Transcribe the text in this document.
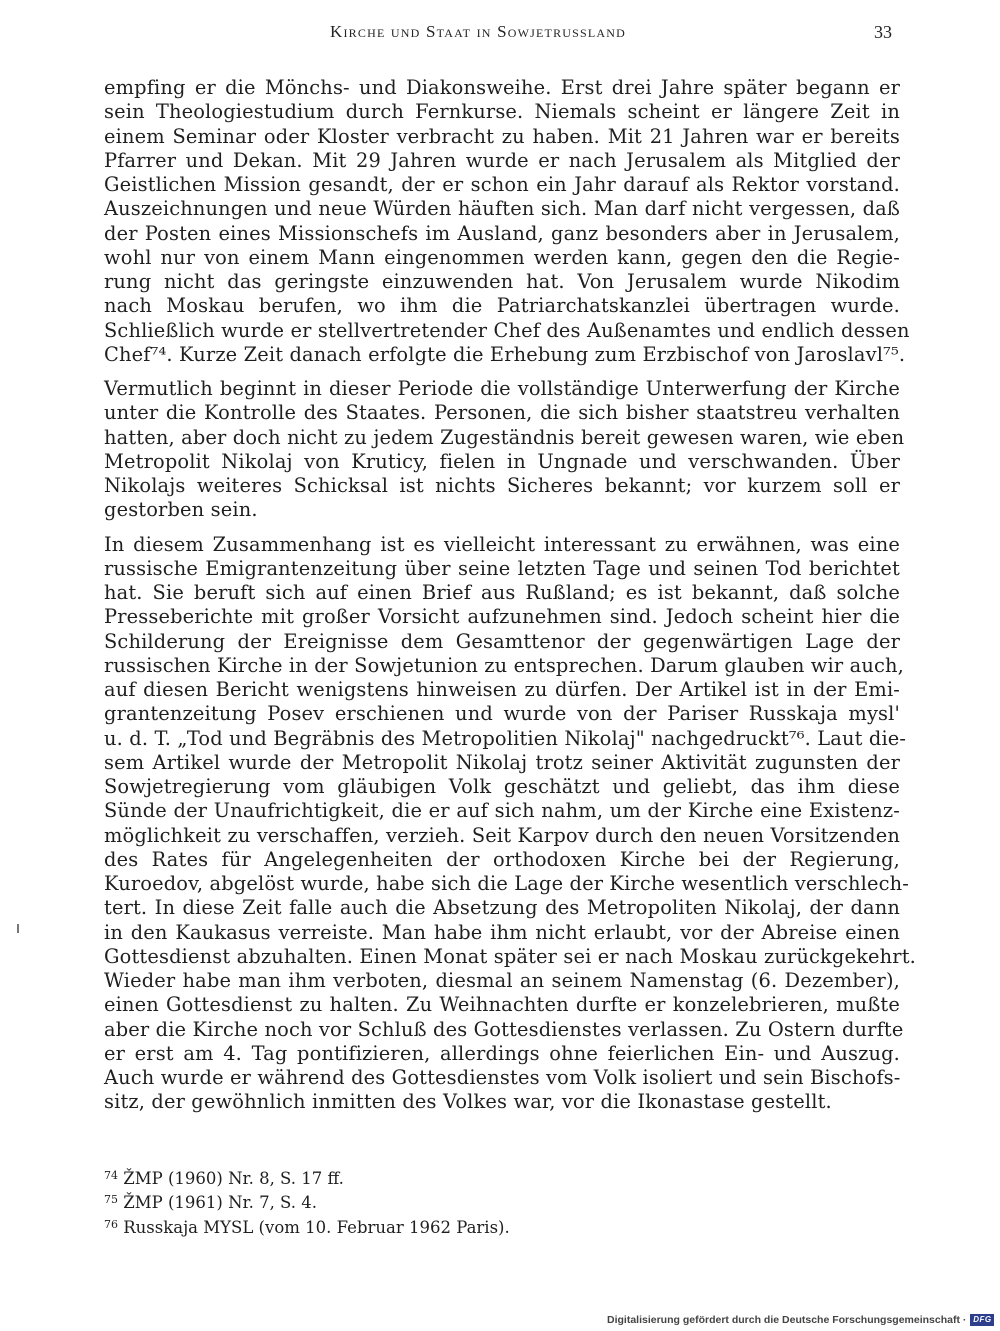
Kirche und Staat in Sowjetrussland	33
empfing er die Mönchs- und Diakonsweihe. Erst drei Jahre später begann er
sein Theologiestudium durch Fernkurse. Niemals scheint er längere Zeit in
einem Seminar oder Kloster verbracht zu haben. Mit 21 Jahren war er bereits
Pfarrer und Dekan. Mit 29 Jahren wurde er nach Jerusalem als Mitglied der
Geistlichen Mission gesandt, der er schon ein Jahr darauf als Rektor vorstand.
Auszeichnungen und neue Würden häuften sich. Man darf nicht vergessen, daß
der Posten eines Missionschefs im Ausland, ganz besonders aber in Jerusalem,
wohl nur von einem Mann eingenommen werden kann, gegen den die Regie-
rung nicht das geringste einzuwenden hat. Von Jerusalem wurde Nikodim
nach Moskau berufen, wo ihm die Patriarchatskanzlei übertragen wurde.
Schließlich wurde er stellvertretender Chef des Außenamtes und endlich dessen
Chef⁷⁴. Kurze Zeit danach erfolgte die Erhebung zum Erzbischof von Jaroslavl⁷⁵.
Vermutlich beginnt in dieser Periode die vollständige Unterwerfung der Kirche
unter die Kontrolle des Staates. Personen, die sich bisher staatstreu verhalten
hatten, aber doch nicht zu jedem Zugeständnis bereit gewesen waren, wie eben
Metropolit Nikolaj von Kruticy, fielen in Ungnade und verschwanden. Über
Nikolajs weiteres Schicksal ist nichts Sicheres bekannt; vor kurzem soll er
gestorben sein.
In diesem Zusammenhang ist es vielleicht interessant zu erwähnen, was eine
russische Emigrantenzeitung über seine letzten Tage und seinen Tod berichtet
hat. Sie beruft sich auf einen Brief aus Rußland; es ist bekannt, daß solche
Presseberichte mit großer Vorsicht aufzunehmen sind. Jedoch scheint hier die
Schilderung der Ereignisse dem Gesamttenor der gegenwärtigen Lage der
russischen Kirche in der Sowjetunion zu entsprechen. Darum glauben wir auch,
auf diesen Bericht wenigstens hinweisen zu dürfen. Der Artikel ist in der Emi-
grantenzeitung Posev erschienen und wurde von der Pariser Russkaja mysl'
u. d. T. „Tod und Begräbnis des Metropolitien Nikolaj" nachgedruckt⁷⁶. Laut die-
sem Artikel wurde der Metropolit Nikolaj trotz seiner Aktivität zugunsten der
Sowjetregierung vom gläubigen Volk geschätzt und geliebt, das ihm diese
Sünde der Unaufrichtigkeit, die er auf sich nahm, um der Kirche eine Existenz-
möglichkeit zu verschaffen, verzieh. Seit Karpov durch den neuen Vorsitzenden
des Rates für Angelegenheiten der orthodoxen Kirche bei der Regierung,
Kuroedov, abgelöst wurde, habe sich die Lage der Kirche wesentlich verschlech-
tert. In diese Zeit falle auch die Absetzung des Metropoliten Nikolaj, der dann
in den Kaukasus verreiste. Man habe ihm nicht erlaubt, vor der Abreise einen
Gottesdienst abzuhalten. Einen Monat später sei er nach Moskau zurückgekehrt.
Wieder habe man ihm verboten, diesmal an seinem Namenstag (6. Dezember),
einen Gottesdienst zu halten. Zu Weihnachten durfte er konzelebrieren, mußte
aber die Kirche noch vor Schluß des Gottesdienstes verlassen. Zu Ostern durfte
er erst am 4. Tag pontifizieren, allerdings ohne feierlichen Ein- und Auszug.
Auch wurde er während des Gottesdienstes vom Volk isoliert und sein Bischofs-
sitz, der gewöhnlich inmitten des Volkes war, vor die Ikonastase gestellt.
$^{74}$ ŽMP (1960) Nr. 8, S. 17 ff.
$^{75}$ ŽMP (1961) Nr. 7, S. 4.
$^{76}$ Russkaja MYSL (vom 10. Februar 1962 Paris).
Digitalisierung gefördert durch die Deutsche Forschungsgemeinschaft · DFG
